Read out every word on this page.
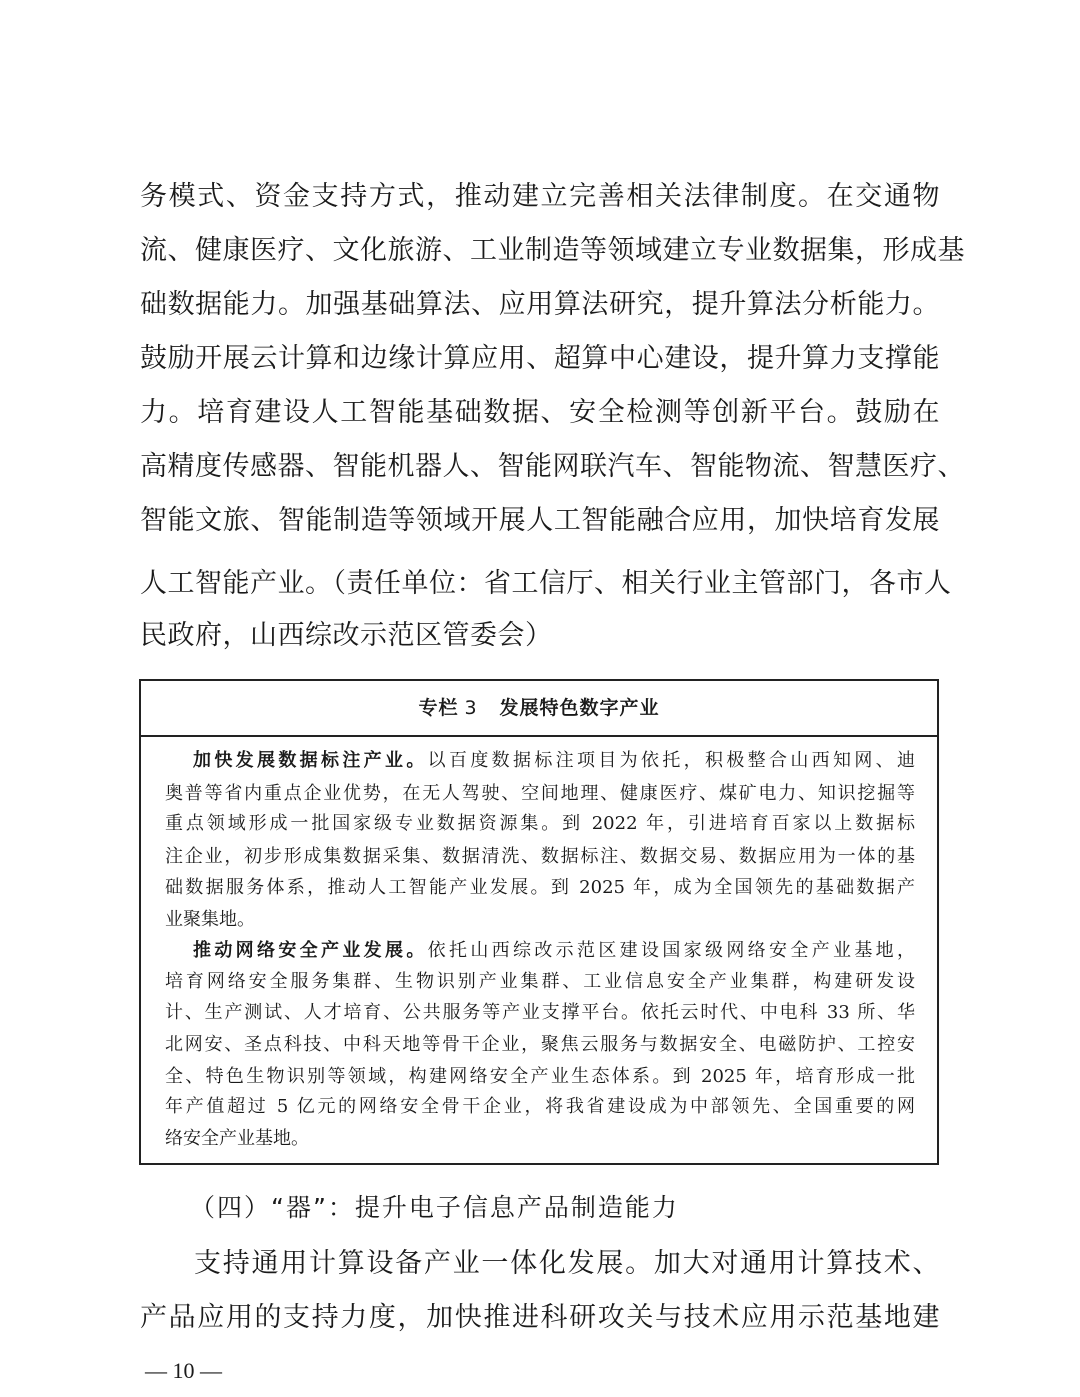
务模式、资金支持方式，推动建立完善相关法律制度。在交通物
流、健康医疗、文化旅游、工业制造等领域建立专业数据集，形成基
础数据能力。加强基础算法、应用算法研究，提升算法分析能力。
鼓励开展云计算和边缘计算应用、超算中心建设，提升算力支撑能
力。培育建设人工智能基础数据、安全检测等创新平台。鼓励在
高精度传感器、智能机器人、智能网联汽车、智能物流、智慧医疗、
智能文旅、智能制造等领域开展人工智能融合应用，加快培育发展
人工智能产业。（责任单位：省工信厅、相关行业主管部门，各市人
民政府，山西综改示范区管委会）
专栏 3 发展特色数字产业
加快发展数据标注产业。以百度数据标注项目为依托，积极整合山西知网、迪
奥普等省内重点企业优势，在无人驾驶、空间地理、健康医疗、煤矿电力、知识挖掘等
重点领域形成一批国家级专业数据资源集。到 2022 年，引进培育百家以上数据标
注企业，初步形成集数据采集、数据清洗、数据标注、数据交易、数据应用为一体的基
础数据服务体系，推动人工智能产业发展。到 2025 年，成为全国领先的基础数据产
业聚集地。
推动网络安全产业发展。依托山西综改示范区建设国家级网络安全产业基地，
培育网络安全服务集群、生物识别产业集群、工业信息安全产业集群，构建研发设
计、生产测试、人才培育、公共服务等产业支撑平台。依托云时代、中电科 33 所、华
北网安、圣点科技、中科天地等骨干企业，聚焦云服务与数据安全、电磁防护、工控安
全、特色生物识别等领域，构建网络安全产业生态体系。到 2025 年，培育形成一批
年产值超过 5 亿元的网络安全骨干企业，将我省建设成为中部领先、全国重要的网
络安全产业基地。
（四）“器”：提升电子信息产品制造能力
支持通用计算设备产业一体化发展。加大对通用计算技术、
产品应用的支持力度，加快推进科研攻关与技术应用示范基地建
— 10 —
